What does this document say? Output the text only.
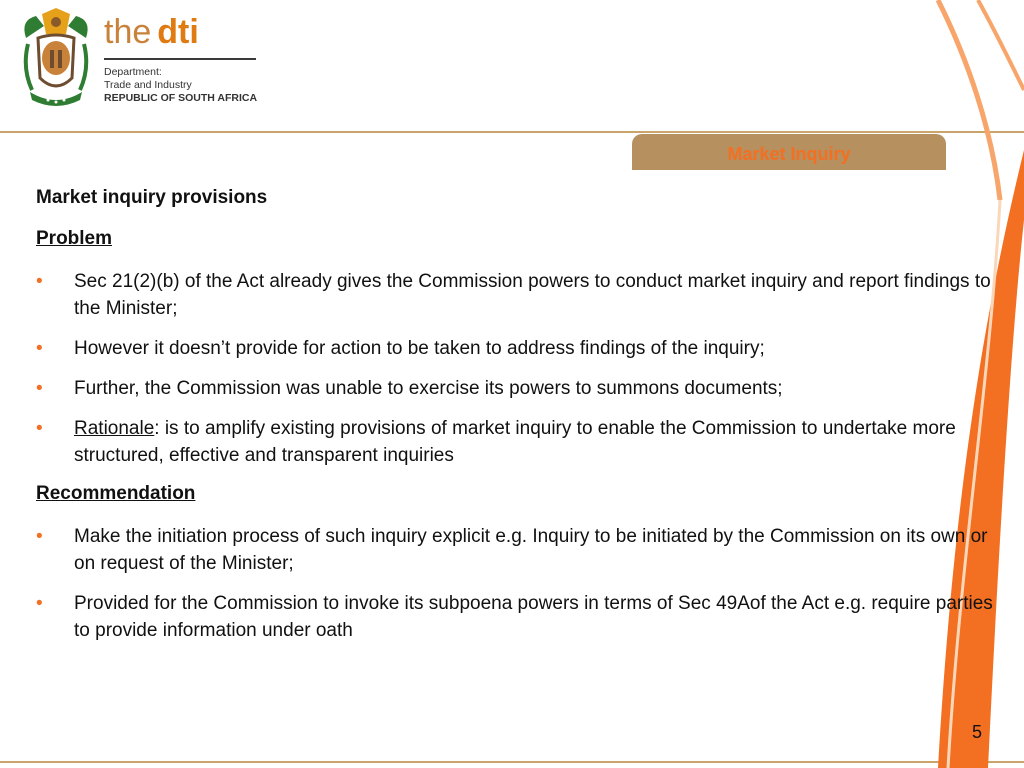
the dti
Department:
Trade and Industry
REPUBLIC OF SOUTH AFRICA
Market Inquiry
Market inquiry provisions
Problem
• Sec 21(2)(b) of the Act already gives the Commission powers to conduct market inquiry and report findings to the Minister;
• However it doesn’t provide for action to be taken to address findings of the inquiry;
• Further, the Commission was unable to exercise its powers to summons documents;
• Rationale: is to amplify existing provisions of market inquiry to enable the Commission to undertake more structured, effective and transparent inquiries
Recommendation
• Make the initiation process of such inquiry explicit e.g. Inquiry to be initiated by the Commission on its own or on request of the Minister;
• Provided for the Commission to invoke its subpoena powers in terms of Sec 49Aof the Act e.g. require parties to provide information under oath
5
